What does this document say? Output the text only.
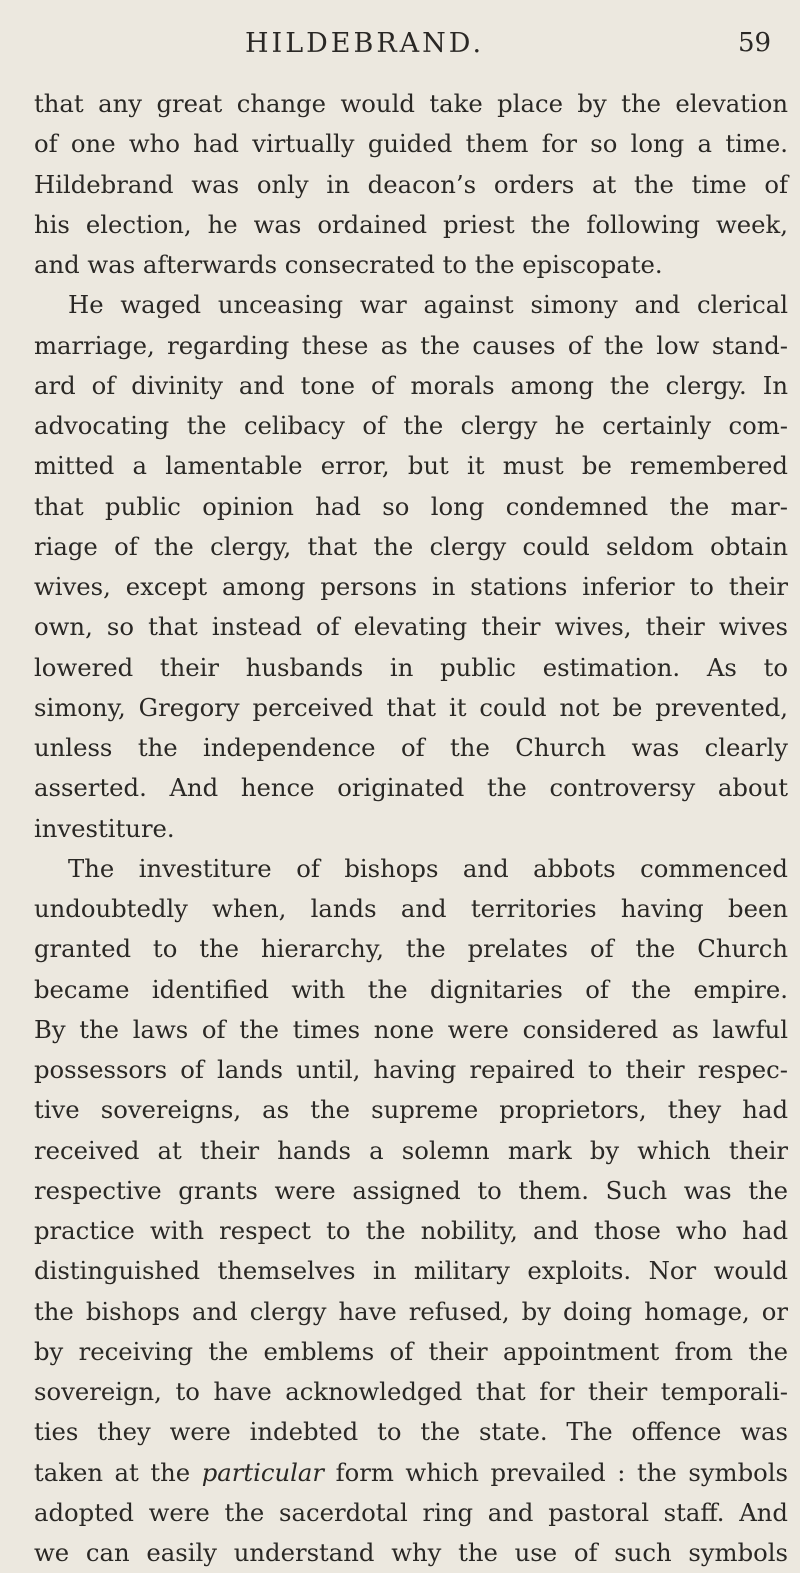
HILDEBRAND.	59
that any great change would take place by the elevation
of one who had virtually guided them for so long a time.
Hildebrand was only in deacon’s orders at the time of
his election, he was ordained priest the following week,
and was afterwards consecrated to the episcopate.
He waged unceasing war against simony and clerical
marriage, regarding these as the causes of the low stand-
ard of divinity and tone of morals among the clergy. In
advocating the celibacy of the clergy he certainly com-
mitted a lamentable error, but it must be remembered
that public opinion had so long condemned the mar-
riage of the clergy, that the clergy could seldom obtain
wives, except among persons in stations inferior to their
own, so that instead of elevating their wives, their wives
lowered their husbands in public estimation. As to
simony, Gregory perceived that it could not be prevented,
unless the independence of the Church was clearly
asserted. And hence originated the controversy about
investiture.
The investiture of bishops and abbots commenced
undoubtedly when, lands and territories having been
granted to the hierarchy, the prelates of the Church
became identified with the dignitaries of the empire.
By the laws of the times none were considered as lawful
possessors of lands until, having repaired to their respec-
tive sovereigns, as the supreme proprietors, they had
received at their hands a solemn mark by which their
respective grants were assigned to them. Such was the
practice with respect to the nobility, and those who had
distinguished themselves in military exploits. Nor would
the bishops and clergy have refused, by doing homage, or
by receiving the emblems of their appointment from the
sovereign, to have acknowledged that for their temporali-
ties they were indebted to the state. The offence was
taken at the particular form which prevailed : the symbols
adopted were the sacerdotal ring and pastoral staff. And
we can easily understand why the use of such symbols
